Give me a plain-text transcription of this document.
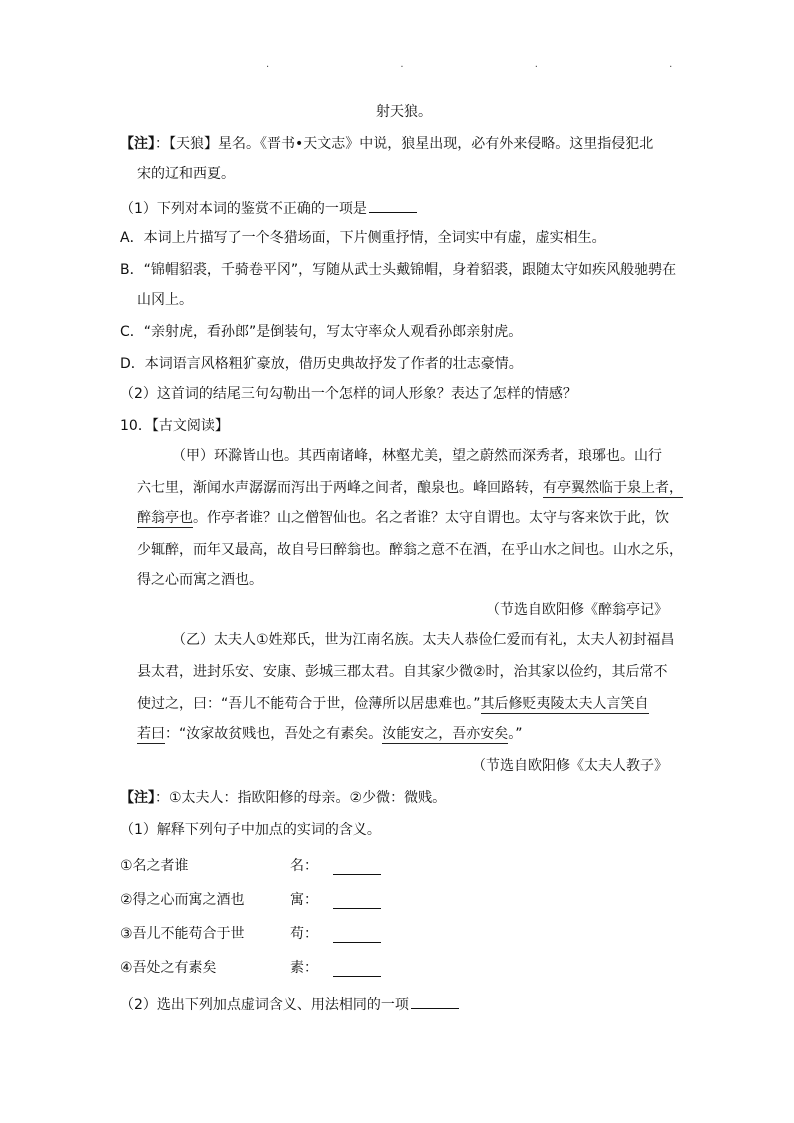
· · · ·
射天狼。
【注】：【天狼】星名。《晋书•天文志》中说，狼星出现，必有外来侵略。这里指侵犯北
宋的辽和西夏。
（1）下列对本词的鉴赏不正确的一项是
A．本词上片描写了一个冬猎场面，下片侧重抒情，全词实中有虚，虚实相生。
B．“锦帽貂裘，千骑卷平冈”，写随从武士头戴锦帽，身着貂裘，跟随太守如疾风般驰骋在
山冈上。
C．“亲射虎，看孙郎”是倒装句，写太守率众人观看孙郎亲射虎。
D．本词语言风格粗犷豪放，借历史典故抒发了作者的壮志豪情。
（2）这首词的结尾三句勾勒出一个怎样的词人形象？表达了怎样的情感？
10．【古文阅读】
（甲）环滁皆山也。其西南诸峰，林壑尤美，望之蔚然而深秀者，琅琊也。山行
六七里，渐闻水声潺潺而泻出于两峰之间者，酿泉也。峰回路转，有亭翼然临于泉上者，
醉翁亭也。作亭者谁？山之僧智仙也。名之者谁？太守自谓也。太守与客来饮于此，饮
少辄醉，而年又最高，故自号曰醉翁也。醉翁之意不在酒，在乎山水之间也。山水之乐，
得之心而寓之酒也。
（节选自欧阳修《醉翁亭记》
（乙）太夫人①姓郑氏，世为江南名族。太夫人恭俭仁爱而有礼，太夫人初封福昌
县太君，进封乐安、安康、彭城三郡太君。自其家少微②时，治其家以俭约，其后常不
使过之，曰：“吾儿不能苟合于世，俭薄所以居患难也。”其后修贬夷陵太夫人言笑自
若曰：“汝家故贫贱也，吾处之有素矣。汝能安之，吾亦安矣。”
（节选自欧阳修《太夫人教子》
【注】：①太夫人：指欧阳修的母亲。②少微：微贱。
（1）解释下列句子中加点的实词的含义。
①名之者谁	名：
②得之心而寓之酒也	寓：
③吾儿不能苟合于世	苟：
④吾处之有素矣	素：
（2）选出下列加点虚词含义、用法相同的一项
